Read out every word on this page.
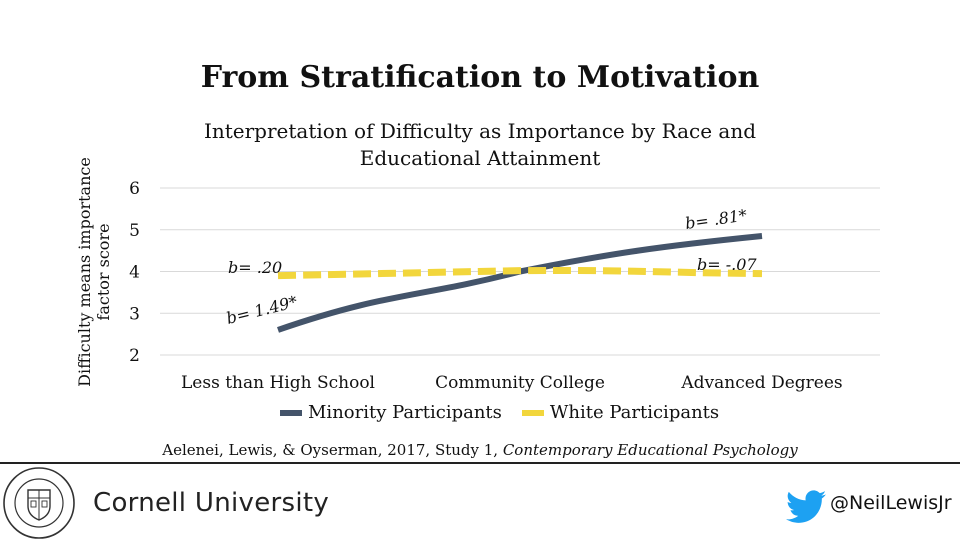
From Stratification to Motivation
Interpretation of Difficulty as Importance by Race and Educational Attainment
Difficulty means importance factor score
2
3
4
5
6
Less than High School	Community College	Advanced Degrees
b= 1.49*
b= .81*
b= .20	b= -.07
Minority Participants	White Participants
Aelenei, Lewis, & Oyserman, 2017, Study 1, Contemporary Educational Psychology
Cornell University	@NeilLewisJr
